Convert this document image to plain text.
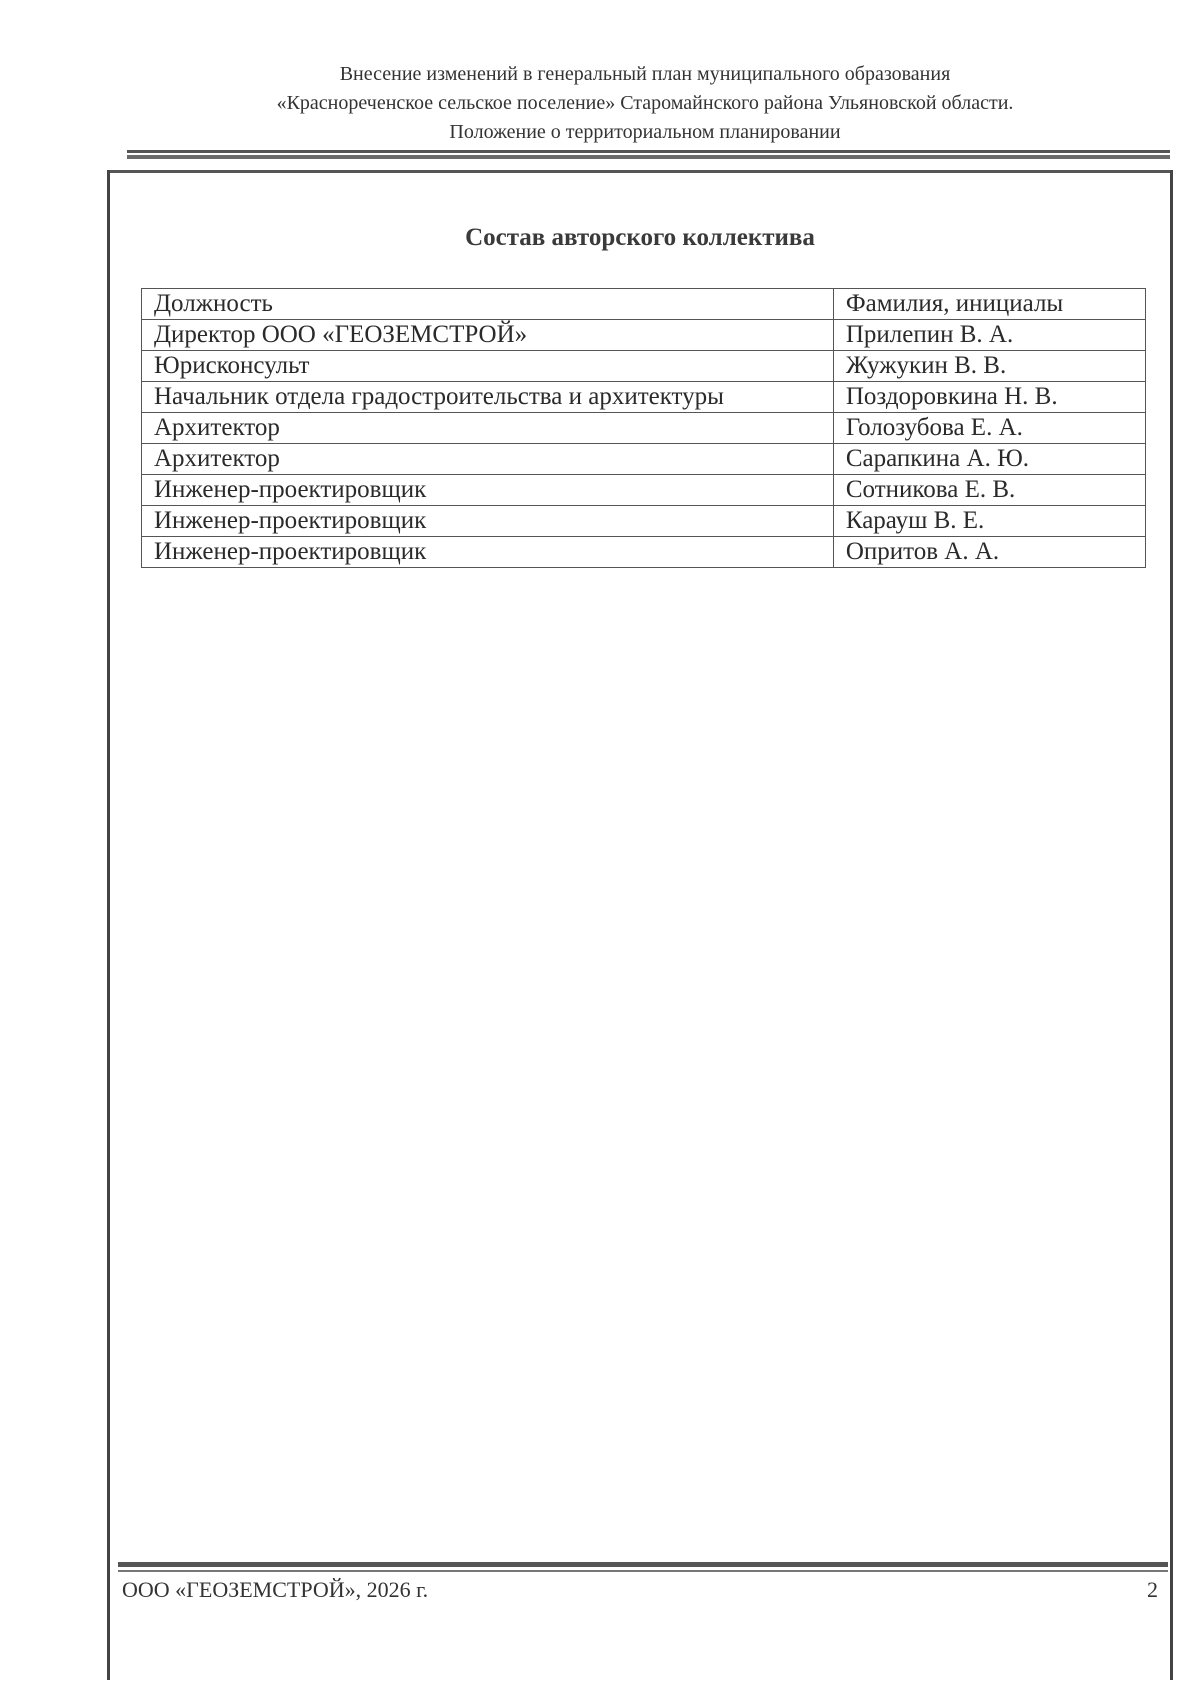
Внесение изменений в генеральный план муниципального образования
«Краснореченское сельское поселение» Старомайнского района Ульяновской области.
Положение о территориальном планировании
Состав авторского коллектива
Должность	Фамилия, инициалы
Директор ООО «ГЕОЗЕМСТРОЙ»	Прилепин В. А.
Юрисконсульт	Жужукин В. В.
Начальник отдела градостроительства и архитектуры	Поздоровкина Н. В.
Архитектор	Голозубова Е. А.
Архитектор	Сарапкина А. Ю.
Инженер-проектировщик	Сотникова Е. В.
Инженер-проектировщик	Карауш В. Е.
Инженер-проектировщик	Опритов А. А.
ООО «ГЕОЗЕМСТРОЙ», 2026 г.	2
